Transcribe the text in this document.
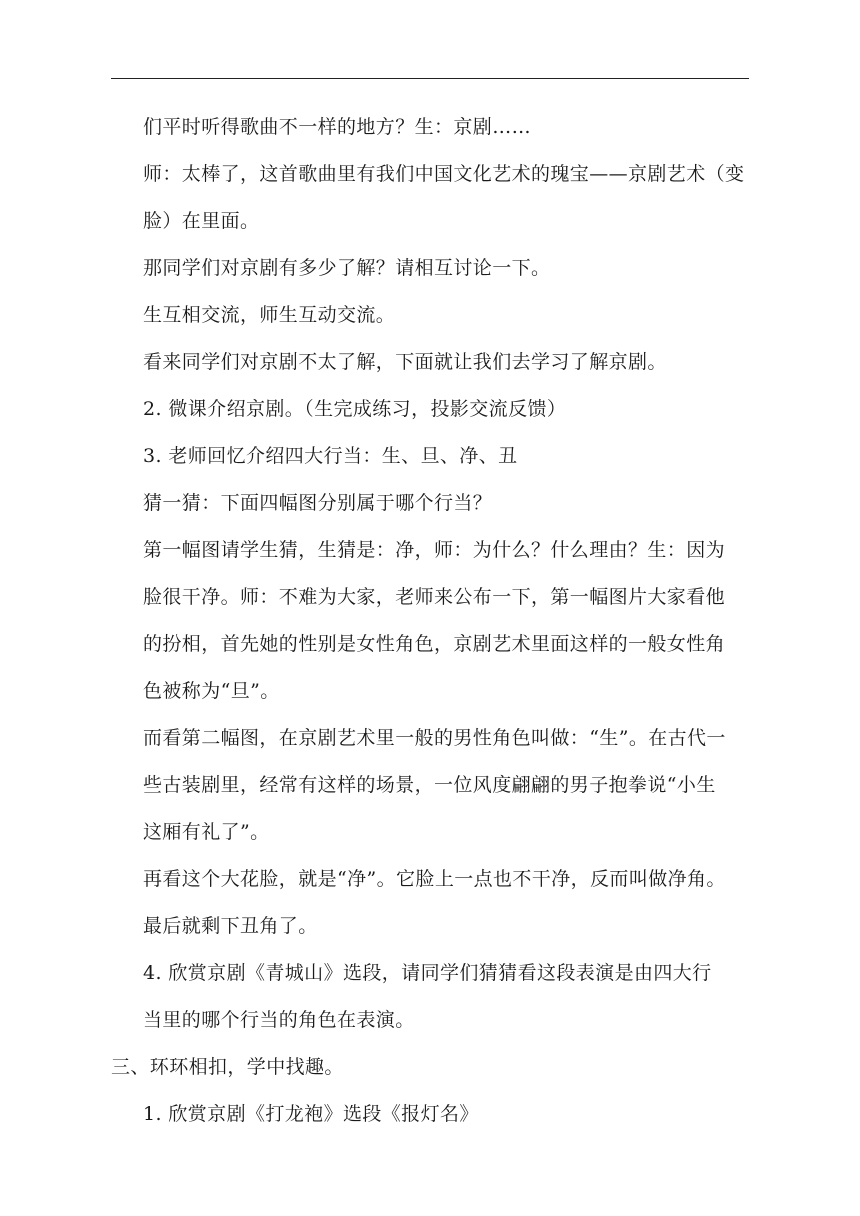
们平时听得歌曲不一样的地方？生：京剧……
师：太棒了，这首歌曲里有我们中国文化艺术的瑰宝——京剧艺术（变
脸）在里面。
那同学们对京剧有多少了解？请相互讨论一下。
生互相交流，师生互动交流。
看来同学们对京剧不太了解，下面就让我们去学习了解京剧。
2. 微课介绍京剧。（生完成练习，投影交流反馈）
3. 老师回忆介绍四大行当：生、旦、净、丑
猜一猜：下面四幅图分别属于哪个行当？
第一幅图请学生猜，生猜是：净，师：为什么？什么理由？生：因为
脸很干净。师：不难为大家，老师来公布一下，第一幅图片大家看他
的扮相，首先她的性别是女性角色，京剧艺术里面这样的一般女性角
色被称为“旦”。
而看第二幅图，在京剧艺术里一般的男性角色叫做：“生”。在古代一
些古装剧里，经常有这样的场景，一位风度翩翩的男子抱拳说“小生
这厢有礼了”。
再看这个大花脸，就是“净”。它脸上一点也不干净，反而叫做净角。
最后就剩下丑角了。
4. 欣赏京剧《青城山》选段，请同学们猜猜看这段表演是由四大行
当里的哪个行当的角色在表演。
三、环环相扣，学中找趣。
1. 欣赏京剧《打龙袍》选段《报灯名》
